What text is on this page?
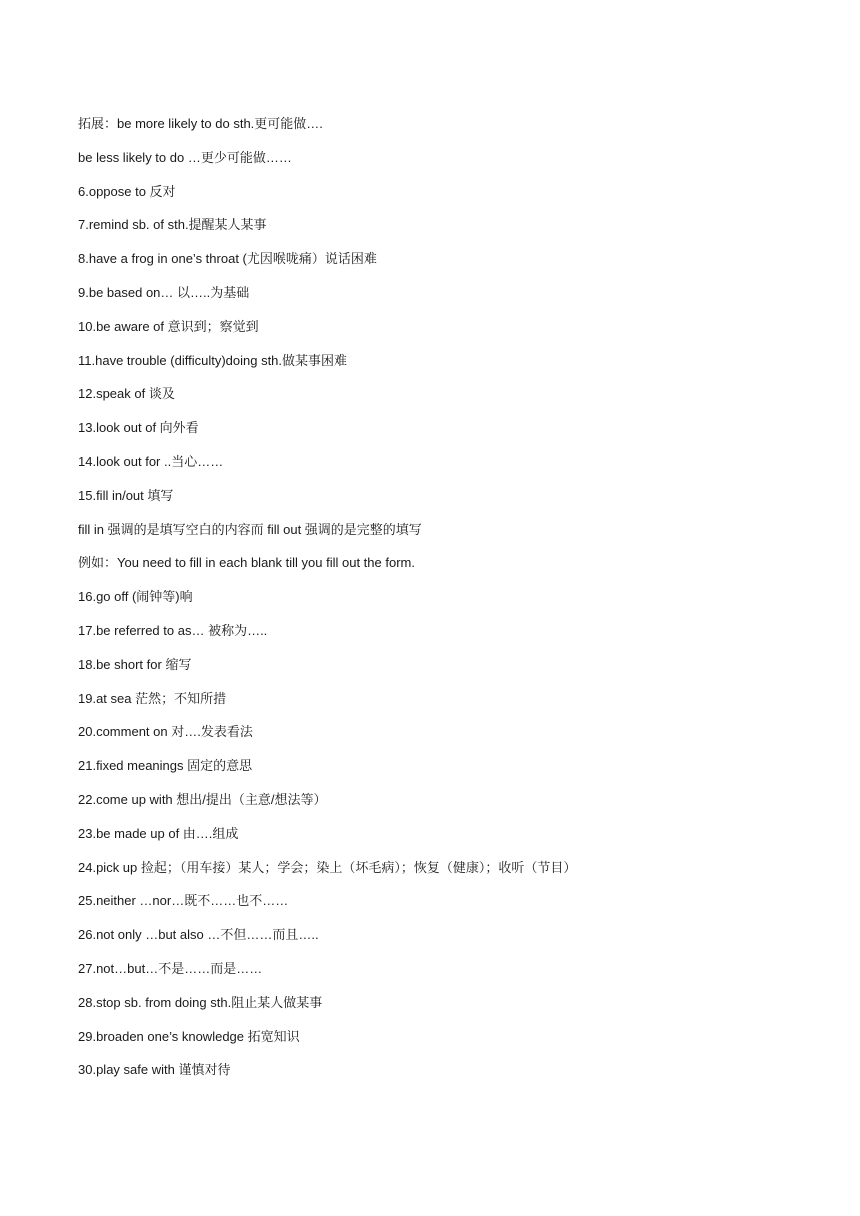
拓展：be more likely to do sth.更可能做….
be less likely to do …更少可能做……
6.oppose to 反对
7.remind sb. of sth.提醒某人某事
8.have a frog in one’s throat (尤因喉咙痛）说话困难
9.be based on… 以…..为基础
10.be aware of 意识到；察觉到
11.have trouble (difficulty)doing sth.做某事困难
12.speak of 谈及
13.look out of 向外看
14.look out for ..当心……
15.fill in/out 填写
fill in 强调的是填写空白的内容而 fill out 强调的是完整的填写
例如：You need to fill in each blank till you fill out the form.
16.go off (闹钟等)响
17.be referred to as… 被称为…..
18.be short for 缩写
19.at sea 茫然；不知所措
20.comment on 对….发表看法
21.fixed meanings 固定的意思
22.come up with 想出/提出（主意/想法等）
23.be made up of 由….组成
24.pick up 捡起；（用车接）某人；学会；染上（坏毛病）；恢复（健康）；收听（节目）
25.neither …nor…既不……也不……
26.not only …but also …不但……而且…..
27.not…but…不是……而是……
28.stop sb. from doing sth.阻止某人做某事
29.broaden one’s knowledge 拓宽知识
30.play safe with 谨慎对待
